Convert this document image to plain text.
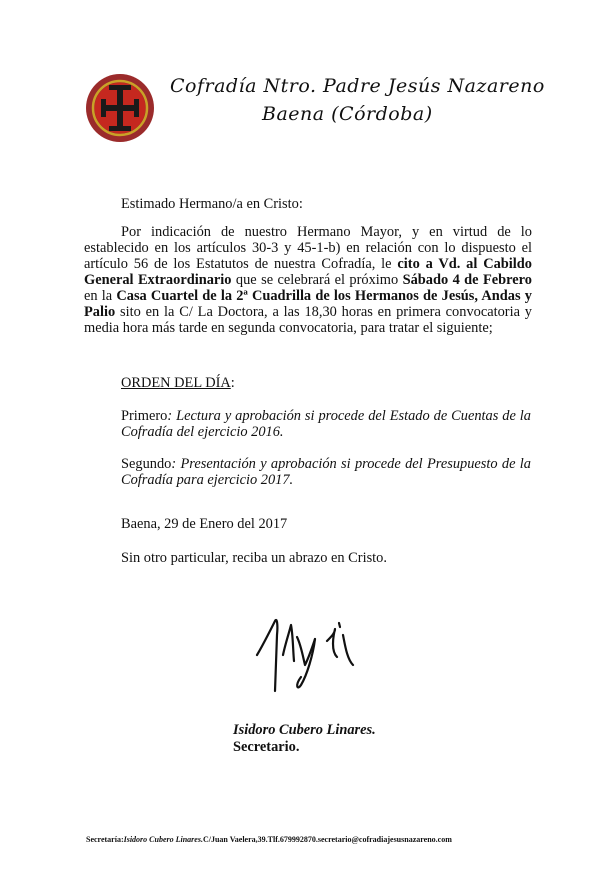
Cofradía Ntro. Padre Jesús Nazareno
Baena (Córdoba)
Estimado Hermano/a en Cristo:

Por indicación de nuestro Hermano Mayor, y en virtud de lo establecido en los artículos 30-3 y 45-1-b) en relación con lo dispuesto el artículo 56 de los Estatutos de nuestra Cofradía, le cito a Vd. al Cabildo General Extraordinario que se celebrará el próximo Sábado 4 de Febrero en la Casa Cuartel de la 2ª Cuadrilla de los Hermanos de Jesús, Andas y Palio sito en la C/ La Doctora, a las 18,30 horas en primera convocatoria y media hora más tarde en segunda convocatoria, para tratar el siguiente;

ORDEN DEL DÍA:
Primero: Lectura y aprobación si procede del Estado de Cuentas de la Cofradía del ejercicio 2016.
Segundo: Presentación y aprobación si procede del Presupuesto de la Cofradía para ejercicio 2017.
Baena, 29 de Enero del 2017
Sin otro particular, reciba un abrazo en Cristo.
Isidoro Cubero Linares.
Secretario.
Secretaría:Isidoro Cubero Linares.C/Juan Vaelera,39.Tlf.679992870.secretario@cofradiajesusnazareno.com
